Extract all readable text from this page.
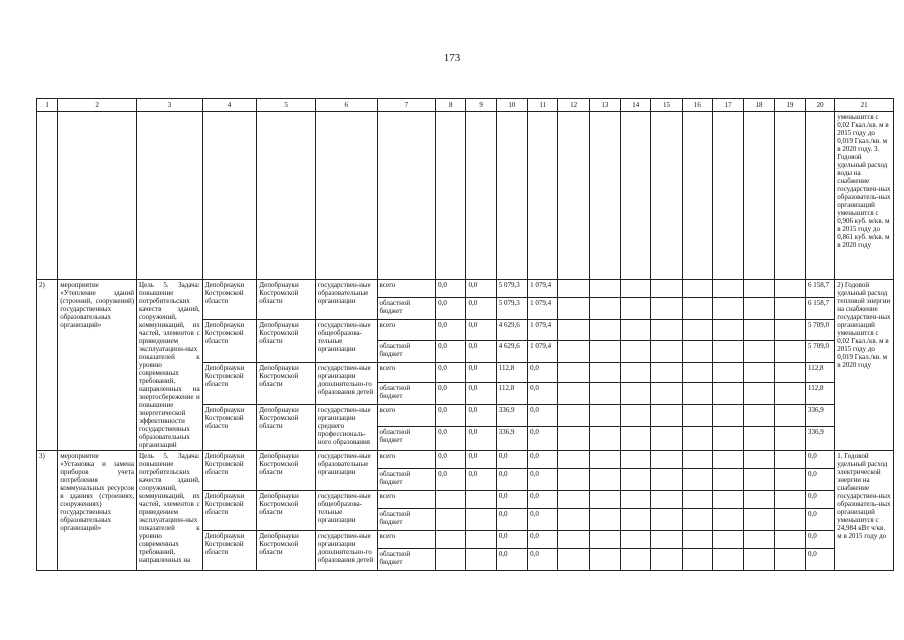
173
1	2	3	4	5	6	7	8	9	10	11	12	13	14	15	16	17	18	19	20	21
																				уменьшится с 0,02 Гкал./кв. м в 2015 году до 0,019 Гкал./кв. м в 2020 году. 3. Годовой удельный расход воды на снабжение государствен-ных образователь-ных организаций уменьшится с 0,906 куб. м/кв. м в 2015 году до 0,861 куб. м/кв. м в 2020 году
2)	мероприятие «Утепление зданий (строений, сооружений) государственных образовательных организаций»	Цель 5. Задача: повышение потребительских качеств зданий, сооружений, коммуникаций, их частей, элементов с приведением эксплуатацион-ных показателей к уровню современных требований, направленных на энергосбережение и повышение энергетической эффективности государственных образовательных организаций	Депобрнауки Костромской области	Депобрнауки Костромской области	государствен-ные образовательные организации	всего	0,0	0,0	5 079,3	1 079,4									6 158,7	2) Годовой удельный расход тепловой энергии на снабжение государствен-ных организаций уменьшится с 0,02 Гкал./кв. м в 2015 году до 0,019 Гкал./кв. м в 2020 году
						областной бюджет	0,0	0,0	5 079,3	1 079,4									6 158,7	
			Депобрнауки Костромской области	Депобрнауки Костромской области	государствен-ные общеобразова-тельные организации	всего	0,0	0,0	4 629,6	1 079,4									5 709,0	
						областной бюджет	0,0	0,0	4 629,6	1 079,4									5 709,0	
			Депобрнауки Костромской области	Депобрнауки Костромской области	государствен-ные организации дополнительно-го образования детей	всего	0,0	0,0	112,8	0,0									112,8	
						областной бюджет	0,0	0,0	112,8	0,0									112,8	
			Депобрнауки Костромской области	Депобрнауки Костромской области	государствен-ные организации среднего профессиональ-ного образования	всего	0,0	0,0	336,9	0,0									336,9	
						областной бюджет	0,0	0,0	336,9	0,0									336,9	
3)	мероприятие «Установка и замена приборов учета потребления коммунальных ресурсов в зданиях (строениях, сооружениях) государственных образовательных организаций»	Цель 5. Задача: повышение потребительских качеств зданий, сооружений, коммуникаций, их частей, элементов с приведением эксплуатацион-ных показателей к уровню современных требований, направленных на	Депобрнауки Костромской области	Депобрнауки Костромской области	государствен-ные образовательные организации	всего	0,0	0,0	0,0	0,0									0,0	1. Годовой удельный расход электрической энергии на снабжение государствен-ных образователь-ных организаций уменьшится с 24,984 кВт ч/кв. м в 2015 году до
						областной бюджет	0,0	0,0	0,0	0,0									0,0	
			Депобрнауки Костромской области	Депобрнауки Костромской области	государствен-ные общеобразова-тельные организации	всего			0,0	0,0									0,0	
						областной бюджет			0,0	0,0									0,0	
			Депобрнауки Костромской области	Депобрнауки Костромской области	государствен-ные организации дополнительно-го образования детей	всего			0,0	0,0									0,0	
						областной бюджет			0,0	0,0									0,0	
